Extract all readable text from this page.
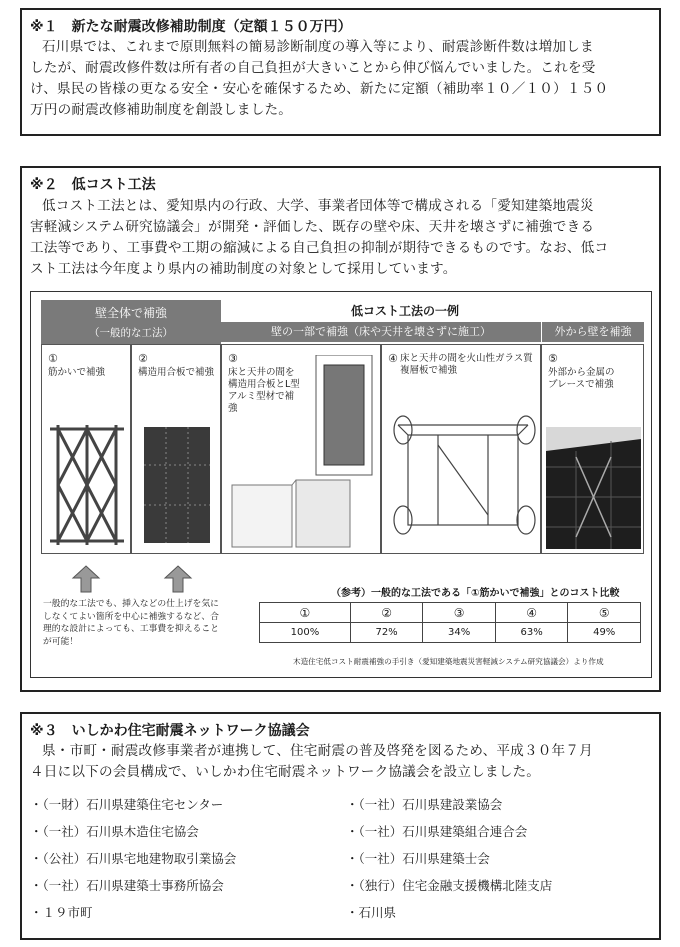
※１　新たな耐震改修補助制度（定額１５０万円）
石川県では、これまで原則無料の簡易診断制度の導入等により、耐震診断件数は増加しま
したが、耐震改修件数は所有者の自己負担が大きいことから伸び悩んでいました。これを受
け、県民の皆様の更なる安全・安心を確保するため、新たに定額（補助率１０／１０）１５０
万円の耐震改修補助制度を創設しました。
※２　低コスト工法
低コスト工法とは、愛知県内の行政、大学、事業者団体等で構成される「愛知建築地震災
害軽減システム研究協議会」が開発・評価した、既存の壁や床、天井を壊さずに補強できる
工法等であり、工事費や工期の縮減による自己負担の抑制が期待できるものです。なお、低コ
スト工法は今年度より県内の補助制度の対象として採用しています。
壁全体で補強
（一般的な工法）
低コスト工法の一例
壁の一部で補強（床や天井を壊さずに施工）	外から壁を補強
①
筋かいで補強
②
構造用合板で補強
③
床と天井の間を構造用合板とL型アルミ型材で補強
④ 床と天井の間を火山性ガラス質複層板で補強
⑤
外部から金属のブレースで補強
一般的な工法でも、挿入などの仕上げを気にしなくてよい箇所を中心に補強するなど、合理的な設計によっても、工事費を抑えることが可能！
（参考）一般的な工法である「①筋かいで補強」とのコスト比較
①	②	③	④	⑤
100%	72%	34%	63%	49%
木造住宅低コスト耐震補強の手引き（愛知建築地震災害軽減システム研究協議会）より作成
※３　いしかわ住宅耐震ネットワーク協議会
県・市町・耐震改修事業者が連携して、住宅耐震の普及啓発を図るため、平成３０年７月
４日に以下の会員構成で、いしかわ住宅耐震ネットワーク協議会を設立しました。
・（一財）石川県建築住宅センター
・（一社）石川県木造住宅協会
・（公社）石川県宅地建物取引業協会
・（一社）石川県建築士事務所協会
・１９市町
・（一社）石川県建設業協会
・（一社）石川県建築組合連合会
・（一社）石川県建築士会
・（独行）住宅金融支援機構北陸支店
・石川県
